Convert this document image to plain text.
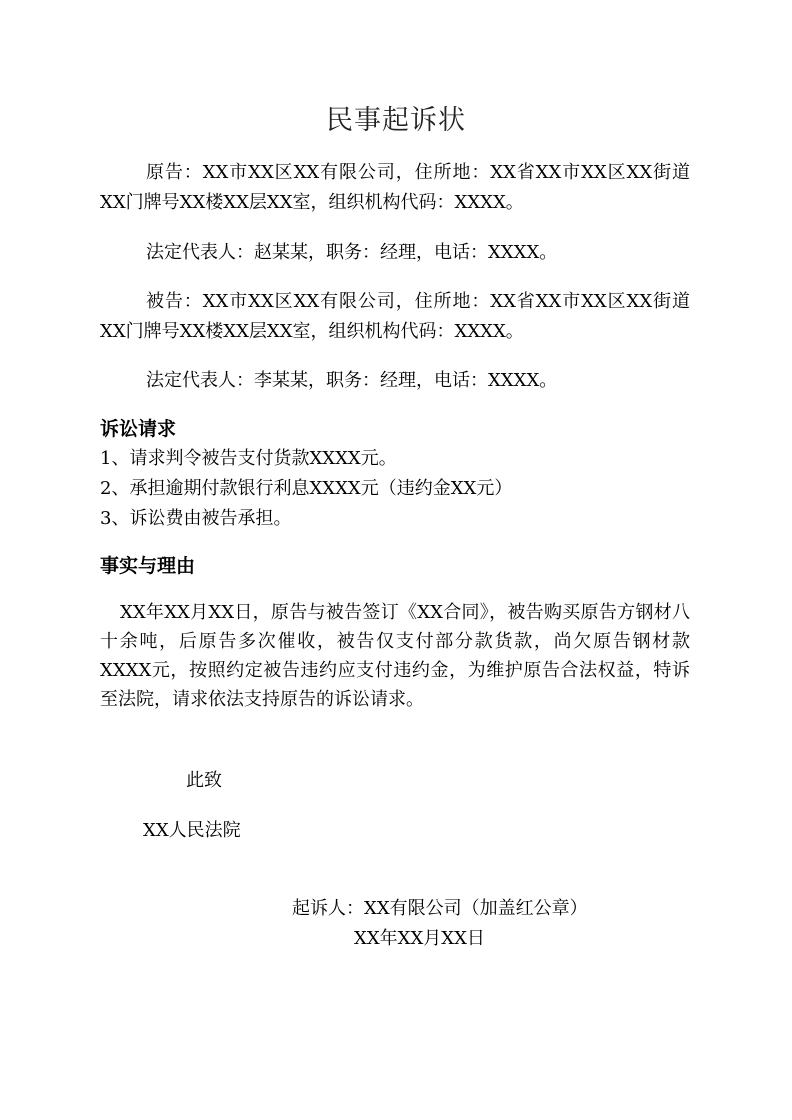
民事起诉状
原告：XX市XX区XX有限公司，住所地：XX省XX市XX区XX街道XX门牌号XX楼XX层XX室，组织机构代码：XXXX。
法定代表人：赵某某，职务：经理，电话：XXXX。
被告：XX市XX区XX有限公司，住所地：XX省XX市XX区XX街道XX门牌号XX楼XX层XX室，组织机构代码：XXXX。
法定代表人：李某某，职务：经理，电话：XXXX。
诉讼请求
1、请求判令被告支付货款XXXX元。
2、承担逾期付款银行利息XXXX元（违约金XX元）
3、诉讼费由被告承担。
事实与理由
XX年XX月XX日，原告与被告签订《XX合同》，被告购买原告方钢材八十余吨，后原告多次催收，被告仅支付部分款货款，尚欠原告钢材款XXXX元，按照约定被告违约应支付违约金，为维护原告合法权益，特诉至法院，请求依法支持原告的诉讼请求。
此致
XX人民法院
起诉人：XX有限公司（加盖红公章）
XX年XX月XX日
